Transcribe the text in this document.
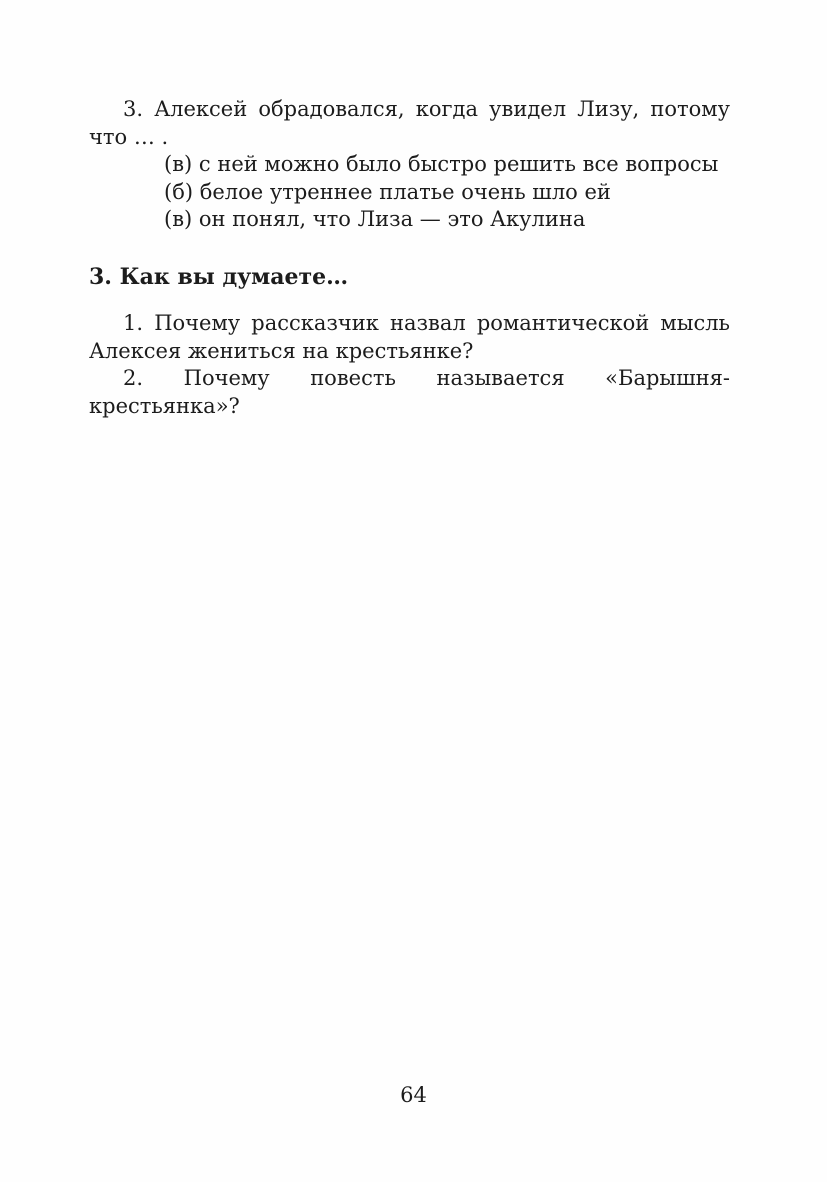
3. Алексей обрадовался, когда увидел Лизу, потому

что … .

(в) с ней можно было быстро решить все вопросы

(б) белое утреннее платье очень шло ей

(в) он понял, что Лиза — это Акулина

3. Как вы думаете…

1. Почему рассказчик назвал романтической мысль

Алексея жениться на крестьянке?

2. Почему повесть называется «Барышня-крестьянка»?

64
